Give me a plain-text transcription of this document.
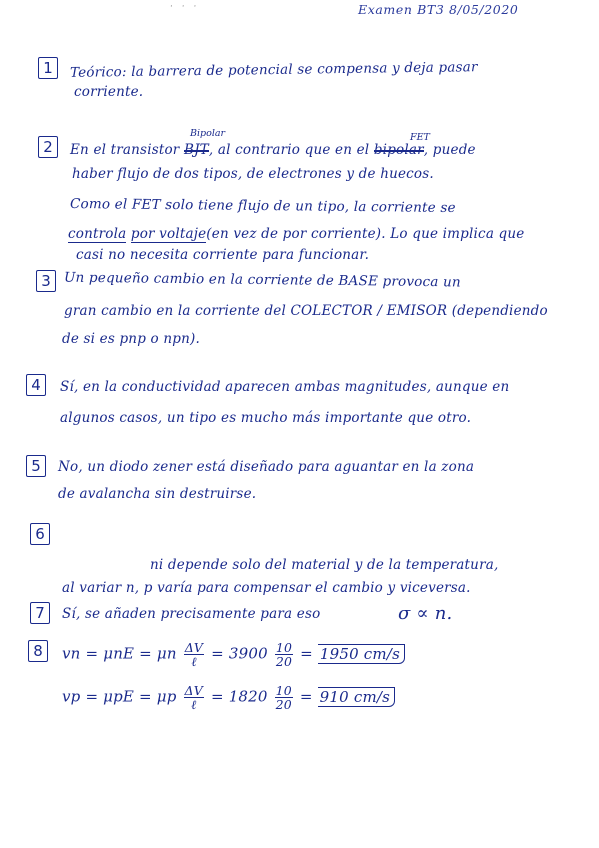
· · ·	Examen BT3 8/05/2020
1	Teórico: la barrera de potencial se compensa y deja pasar
corriente.
Bipolar	FET
2	En el transistor BJT, al contrario que en el bipolar, puede
haber flujo de dos tipos, de electrones y de huecos.
Como el FET solo tiene flujo de un tipo, la corriente se
controla por voltaje(en vez de por corriente). Lo que implica que
casi no necesita corriente para funcionar.
3 Un pequeño cambio en la corriente de BASE provoca un
gran cambio en la corriente del COLECTOR / EMISOR (dependiendo
de si es pnp o npn).
4	Sí, en la conductividad aparecen ambas magnitudes, aunque en
algunos casos, un tipo es mucho más importante que otro.
5	No, un diodo zener está diseñado para aguantar en la zona
de avalancha sin destruirse.
6
ni depende solo del material y de la temperatura,
al variar n, p varía para compensar el cambio y viceversa.
7	Sí, se añaden precisamente para eso	σ ∝ n.
8	vn = μnE = μn $\frac{\Delta V}{\text{ℓ}} = 3900 \frac{10}{20} = 1950$ cm/s
vp = μpE = μp $\frac{\Delta V}{\text{ℓ}} = 1820 \frac{10}{20} = 910$ cm/s
